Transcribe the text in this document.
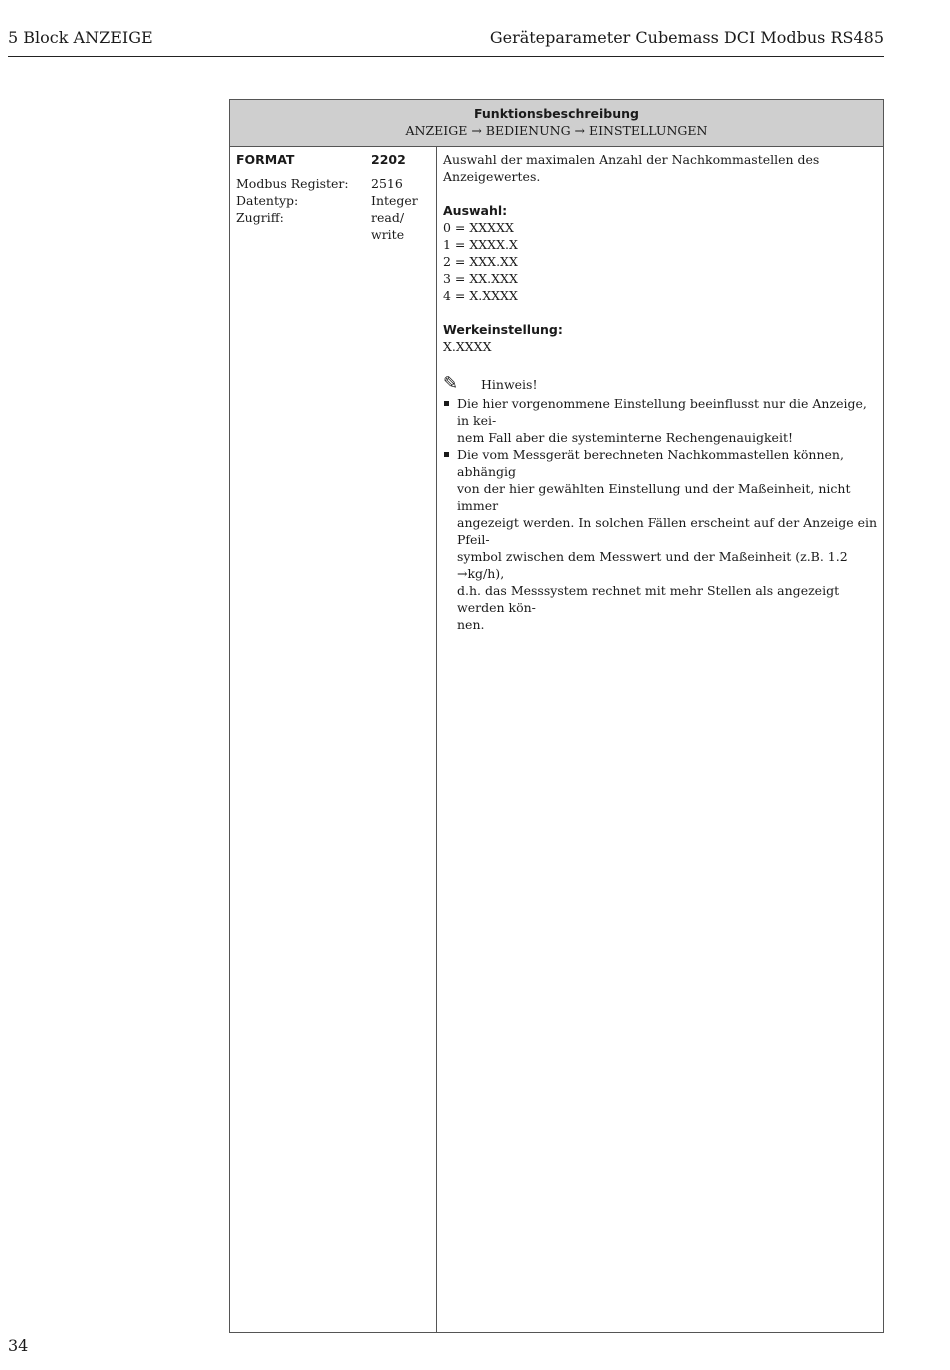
5 Block ANZEIGE	Geräteparameter Cubemass DCI Modbus RS485
Funktionsbeschreibung
ANZEIGE → BEDIENUNG → EINSTELLUNGEN
FORMAT	2202
Modbus Register: 2516
Datentyp:	Integer
Zugriff:	read/
write

Auswahl der maximalen Anzahl der Nachkommastellen des Anzeigewertes.

Auswahl:

0 = XXXXX

1 = XXXX.X

2 = XXX.XX

3 = XX.XXX

4 = X.XXXX

Werkeinstellung:

X.XXXX

✎ Hinweis!

Die hier vorgenommene Einstellung beeinflusst nur die Anzeige, in kei-

nem Fall aber die systeminterne Rechengenauigkeit!

Die vom Messgerät berechneten Nachkommastellen können, abhängig

von der hier gewählten Einstellung und der Maßeinheit, nicht immer

angezeigt werden. In solchen Fällen erscheint auf der Anzeige ein Pfeil-

symbol zwischen dem Messwert und der Maßeinheit (z.B. 1.2 →kg/h),

d.h. das Messsystem rechnet mit mehr Stellen als angezeigt werden kön-

nen.

34
